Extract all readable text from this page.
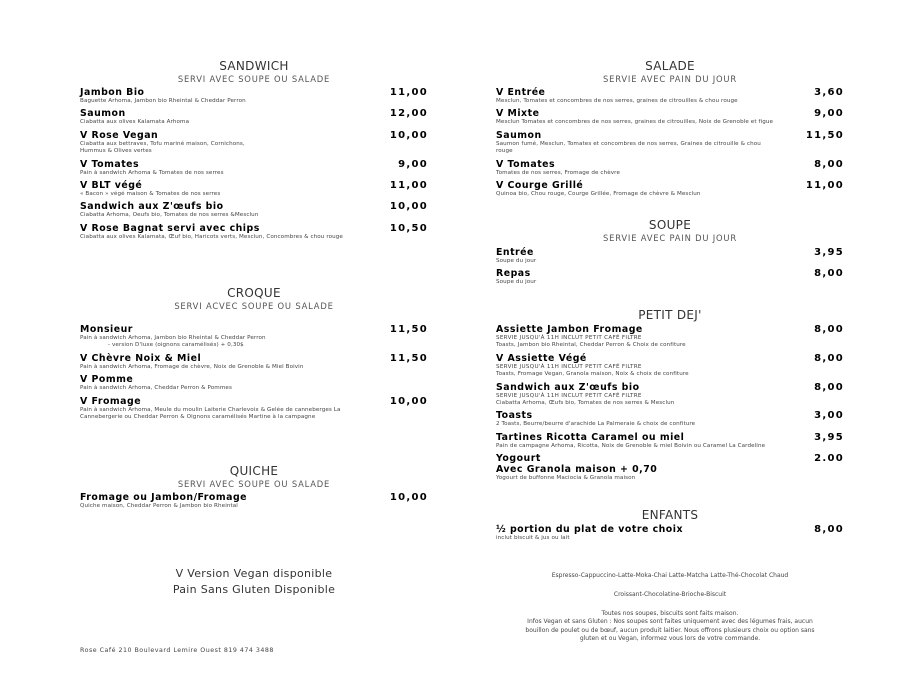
SANDWICH
SERVI AVEC SOUPE OU SALADE
Jambon Bio	11,00
Baguette Arhoma, Jambon bio Rheintal & Cheddar Perron
Saumon	12,00
Ciabatta aux olives Kalamata Arhoma
V Rose Vegan	10,00
Ciabatta aux bettraves, Tofu mariné maison, Cornichons,
Hummus & Olives vertes
V Tomates	9,00
Pain à sandwich Arhoma & Tomates de nos serres
V BLT végé	11,00
« Bacon » végé maison & Tomates de nos serres
Sandwich aux Z'œufs bio	10,00
Ciabatta Arhoma, Oeufs bio, Tomates de nos serres &Mesclun
V Rose Bagnat servi avec chips	10,50
Ciabatta aux olives Kalamata, Œuf bio, Haricots verts, Mesclun, Concombres & chou rouge
CROQUE
SERVI ACVEC SOUPE OU SALADE
Monsieur	11,50
Pain à sandwich Arhoma, Jambon bio Rheintal & Cheddar Perron
- version D'luxe (oignons caramélisés) + 0,30$
V Chèvre Noix & Miel	11,50
Pain à sandwich Arhoma, Fromage de chèvre, Noix de Grenoble & Miel Boivin
V Pomme
Pain à sandwich Arhoma, Cheddar Perron & Pommes
V Fromage	10,00
Pain à sandwich Arhoma, Meule du moulin Laiterie Charlevoix & Gelée de canneberges La
Cannebergerie ou Cheddar Perron & Oignons caramélisés Martine à la campagne
QUICHE
SERVI AVEC SOUPE OU SALADE
Fromage ou Jambon/Fromage	10,00
Quiche maison, Cheddar Perron & Jambon bio Rheintal
V Version Vegan disponible
Pain Sans Gluten Disponible
Rose Café 210 Boulevard Lemire Ouest 819 474 3488
SALADE
SERVIE AVEC PAIN DU JOUR
V Entrée	3,60
Mesclun, Tomates et concombres de nos serres, graines de citrouilles & chou rouge
V Mixte	9,00
Mesclun Tomates et concombres de nos serres, graines de citrouilles, Noix de Grenoble et figue
Saumon	11,50
Saumon fumé, Mesclun, Tomates et concombres de nos serres, Graines de citrouille & chou
rouge
V Tomates	8,00
Tomates de nos serres, Fromage de chèvre
V Courge Grillé	11,00
Quinoa bio, Chou rouge, Courge Grillée, Fromage de chèvre & Mesclun
SOUPE
SERVIE AVEC PAIN DU JOUR
Entrée	3,95
Soupe du jour
Repas	8,00
Soupe du jour
PETIT DEJ'
Assiette Jambon Fromage	8,00
SERVIE JUSQU'À 11H INCLUT PETIT CAFÉ FILTRE
Toasts, Jambon bio Rheintal, Cheddar Perron & Choix de confiture
V Assiette Végé	8,00
SERVIE JUSQU'À 11H INCLUT PETIT CAFÉ FILTRE
Toasts, Fromage Vegan, Granola maison, Noix & choix de confiture
Sandwich aux Z'œufs bio	8,00
SERVIE JUSQU'À 11H INCLUT PETIT CAFÉ FILTRE
Ciabatta Arhoma, Œufs bio, Tomates de nos serres & Mesclun
Toasts	3,00
2 Toasts, Beurre/beurre d'arachide La Palmeraie & choix de confiture
Tartines Ricotta Caramel ou miel	3,95
Pain de campagne Arhoma, Ricotta, Noix de Grenoble & miel Boivin ou Caramel La Cardeline
Yogourt	2.00
Avec Granola maison + 0,70
Yogourt de buffonne Maciocia & Granola maison
ENFANTS
½ portion du plat de votre choix	8,00
inclut biscuit & jus ou lait
Espresso-Cappuccino-Latte-Moka-Chai Latte-Matcha Latte-Thé-Chocolat Chaud
Croissant-Chocolatine-Brioche-Biscuit
Toutes nos soupes, biscuits sont faits maison.
Infos Vegan et sans Gluten : Nos soupes sont faites uniquement avec des légumes frais, aucun
bouillon de poulet ou de bœuf, aucun produit laitier. Nous offrons plusieurs choix ou option sans
gluten et ou Vegan, informez vous lors de votre commande.
